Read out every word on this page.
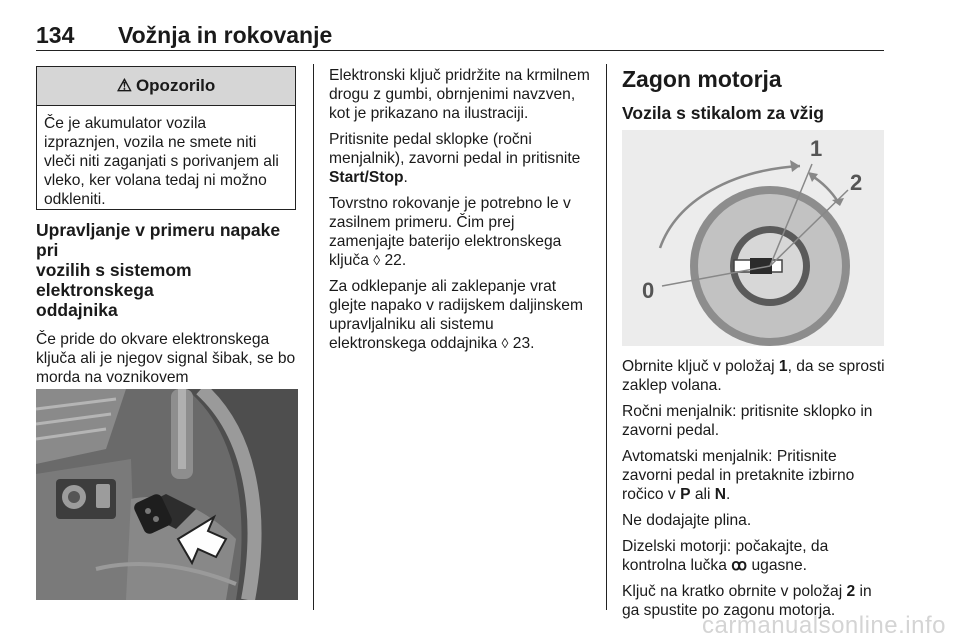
134 Vožnja in rokovanje
⚠ Opozorilo

Če je akumulator vozila

izpraznjen, vozila ne smete niti

vleči niti zaganjati s porivanjem ali

vleko, ker volana tedaj ni možno

odkleniti.

Upravljanje v primeru napake pri
vozilih s sistemom elektronskega
oddajnika

Če pride do okvare elektronskega

ključa ali je njegov signal šibak, se bo

morda na voznikovem

Elektronski ključ pridržite na krmilnem

drogu z gumbi, obrnjenimi navzven,

kot je prikazano na ilustraciji.

Pritisnite pedal sklopke (ročni

menjalnik), zavorni pedal in pritisnite

Start/Stop.

Tovrstno rokovanje je potrebno le v

zasilnem primeru. Čim prej

zamenjajte baterijo elektronskega

ključa ◊ 22.

Za odklepanje ali zaklepanje vrat

glejte napako v radijskem daljinskem

upravljalniku ali sistemu

elektronskega oddajnika ◊ 23.

Zagon motorja
Vozila s stikalom za vžig
0
1
2

Obrnite ključ v položaj 1, da se sprosti

zaklep volana.

Ročni menjalnik: pritisnite sklopko in

zavorni pedal.

Avtomatski menjalnik: Pritisnite

zavorni pedal in pretaknite izbirno

ročico v P ali N.

Ne dodajajte plina.

Dizelski motorji: počakajte, da

kontrolna lučka ꝏ ugasne.

Ključ na kratko obrnite v položaj 2 in

ga spustite po zagonu motorja.

carmanualsonline.info
